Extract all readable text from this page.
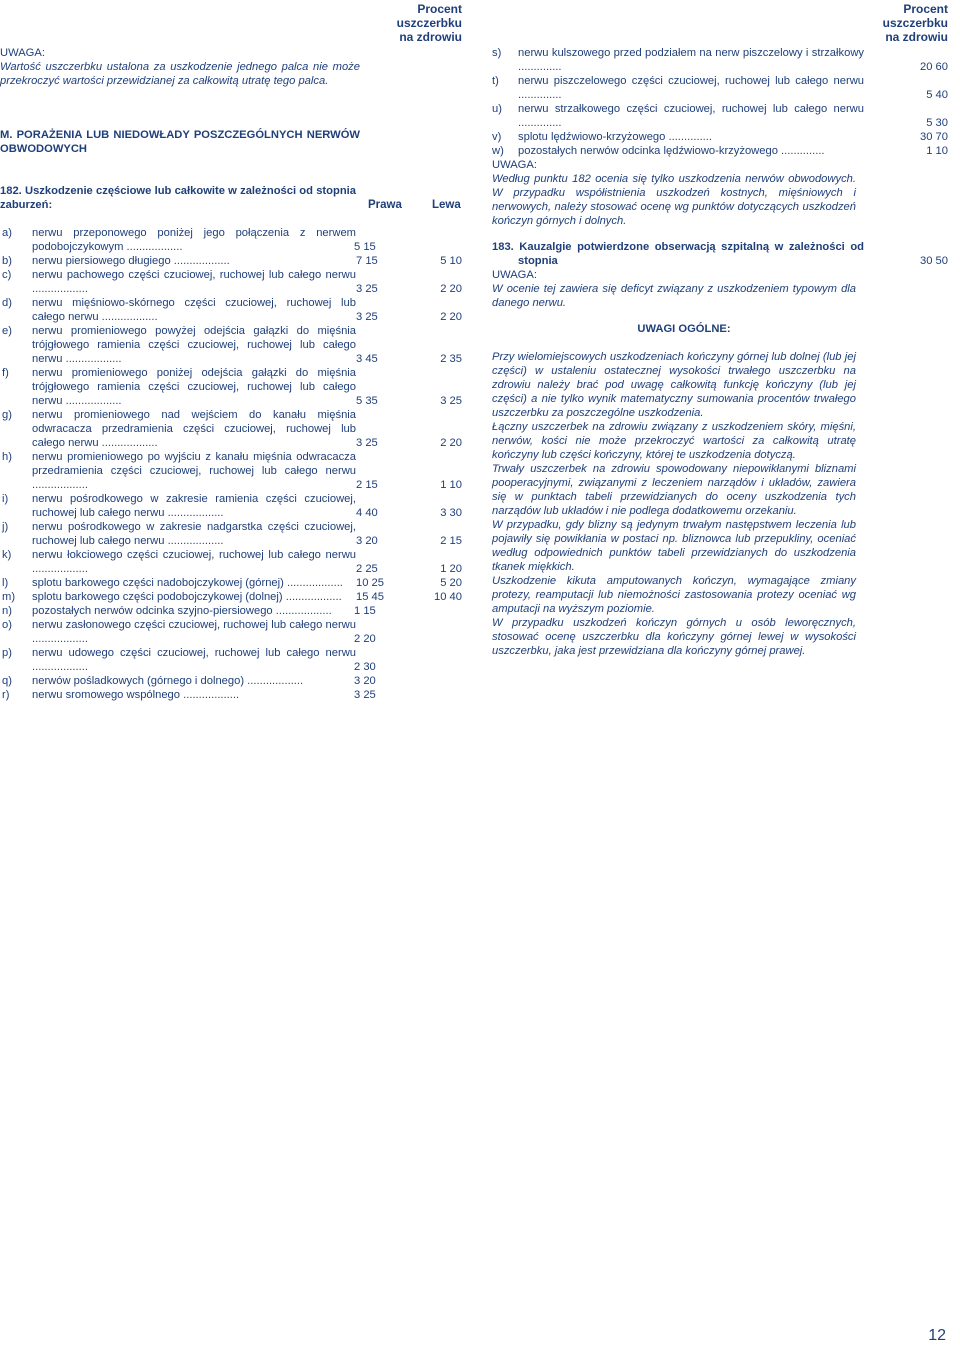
Procent
uszczerbku
na zdrowiu
UWAGA:
Wartość uszczerbku ustalona za uszkodzenie jednego palca nie może przekroczyć wartości przewidzianej za całkowitą utratę tego palca.
M. PORAŻENIA LUB NIEDOWŁADY POSZCZEGÓLNYCH NERWÓW OBWODOWYCH
182. Uszkodzenie częściowe lub całkowite w zależności od stopnia zaburzeń:	Prawa	Lewa
a) nerwu przeponowego poniżej jego połączenia z nerwem podobojczykowym ..................	5 15
b) nerwu piersiowego długiego ..................	7 15	5 10
c) nerwu pachowego części czuciowej, ruchowej lub całego nerwu ..................	3 25	2 20
d) nerwu mięśniowo-skórnego części czuciowej, ruchowej lub całego nerwu ..................	3 25	2 20
e) nerwu promieniowego powyżej odejścia gałązki do mięśnia trójgłowego ramienia części czuciowej, ruchowej lub całego nerwu ..................	3 45	2 35
f) nerwu promieniowego poniżej odejścia gałązki do mięśnia trójgłowego ramienia części czuciowej, ruchowej lub całego nerwu ..................	5 35	3 25
g) nerwu promieniowego nad wejściem do kanału mięśnia odwracacza przedramienia części czuciowej, ruchowej lub całego nerwu ..................	3 25	2 20
h) nerwu promieniowego po wyjściu z kanału mięśnia odwracacza przedramienia części czuciowej, ruchowej lub całego nerwu ..................	2 15	1 10
i) nerwu pośrodkowego w zakresie ramienia części czuciowej, ruchowej lub całego nerwu ..................	4 40	3 30
j) nerwu pośrodkowego w zakresie nadgarstka części czuciowej, ruchowej lub całego nerwu ..................	3 20	2 15
k) nerwu łokciowego części czuciowej, ruchowej lub całego nerwu ..................	2 25	1 20
l) splotu barkowego części nadobojczykowej (górnej) ..................	10 25	5 20
m) splotu barkowego części podobojczykowej (dolnej) ..................	15 45	10 40
n) pozostałych nerwów odcinka szyjno-piersiowego ..................	1 15
o) nerwu zasłonowego części czuciowej, ruchowej lub całego nerwu ..................	2 20
p) nerwu udowego części czuciowej, ruchowej lub całego nerwu ..................	2 30
q) nerwów pośladkowych (górnego i dolnego) ..................	3 20
r) nerwu sromowego wspólnego ..................	3 25
Procent
uszczerbku
na zdrowiu
s) nerwu kulszowego przed podziałem na nerw piszczelowy i strzałkowy ..............	20 60
t) nerwu piszczelowego części czuciowej, ruchowej lub całego nerwu ..............	5 40
u) nerwu strzałkowego części czuciowej, ruchowej lub całego nerwu ..............	5 30
v) splotu lędźwiowo-krzyżowego ..............	30 70
w) pozostałych nerwów odcinka lędźwiowo-krzyżowego ..............	1 10
UWAGA:
Według punktu 182 ocenia się tylko uszkodzenia nerwów obwodowych. W przypadku współistnienia uszkodzeń kostnych, mięśniowych i nerwowych, należy stosować ocenę wg punktów dotyczących uszkodzeń kończyn górnych i dolnych.
183. Kauzalgie potwierdzone obserwacją szpitalną w zależności od stopnia	30 50
UWAGA:
W ocenie tej zawiera się deficyt związany z uszkodzeniem typowym dla danego nerwu.
UWAGI OGÓLNE:
Przy wielomiejscowych uszkodzeniach kończyny górnej lub dolnej (lub jej części) w ustaleniu ostatecznej wysokości trwałego uszczerbku na zdrowiu należy brać pod uwagę całkowitą funkcję kończyny (lub jej części) a nie tylko wynik matematyczny sumowania procentów trwałego uszczerbku za poszczególne uszkodzenia.
Łączny uszczerbek na zdrowiu związany z uszkodzeniem skóry, mięśni, nerwów, kości nie może przekroczyć wartości za całkowitą utratę kończyny lub części kończyny, której te uszkodzenia dotyczą.
Trwały uszczerbek na zdrowiu spowodowany niepowikłanymi bliznami pooperacyjnymi, związanymi z leczeniem narządów i układów, zawiera się w punktach tabeli przewidzianych do oceny uszkodzenia tych narządów lub układów i nie podlega dodatkowemu orzekaniu.
W przypadku, gdy blizny są jedynym trwałym następstwem leczenia lub pojawiły się powikłania w postaci np. bliznowca lub przepukliny, oceniać według odpowiednich punktów tabeli przewidzianych do uszkodzenia tkanek miękkich.
Uszkodzenie kikuta amputowanych kończyn, wymagające zmiany protezy, reamputacji lub niemożności zastosowania protezy oceniać wg amputacji na wyższym poziomie.
W przypadku uszkodzeń kończyn górnych u osób leworęcznych, stosować ocenę uszczerbku dla kończyny górnej lewej w wysokości uszczerbku, jaka jest przewidziana dla kończyny górnej prawej.
12
